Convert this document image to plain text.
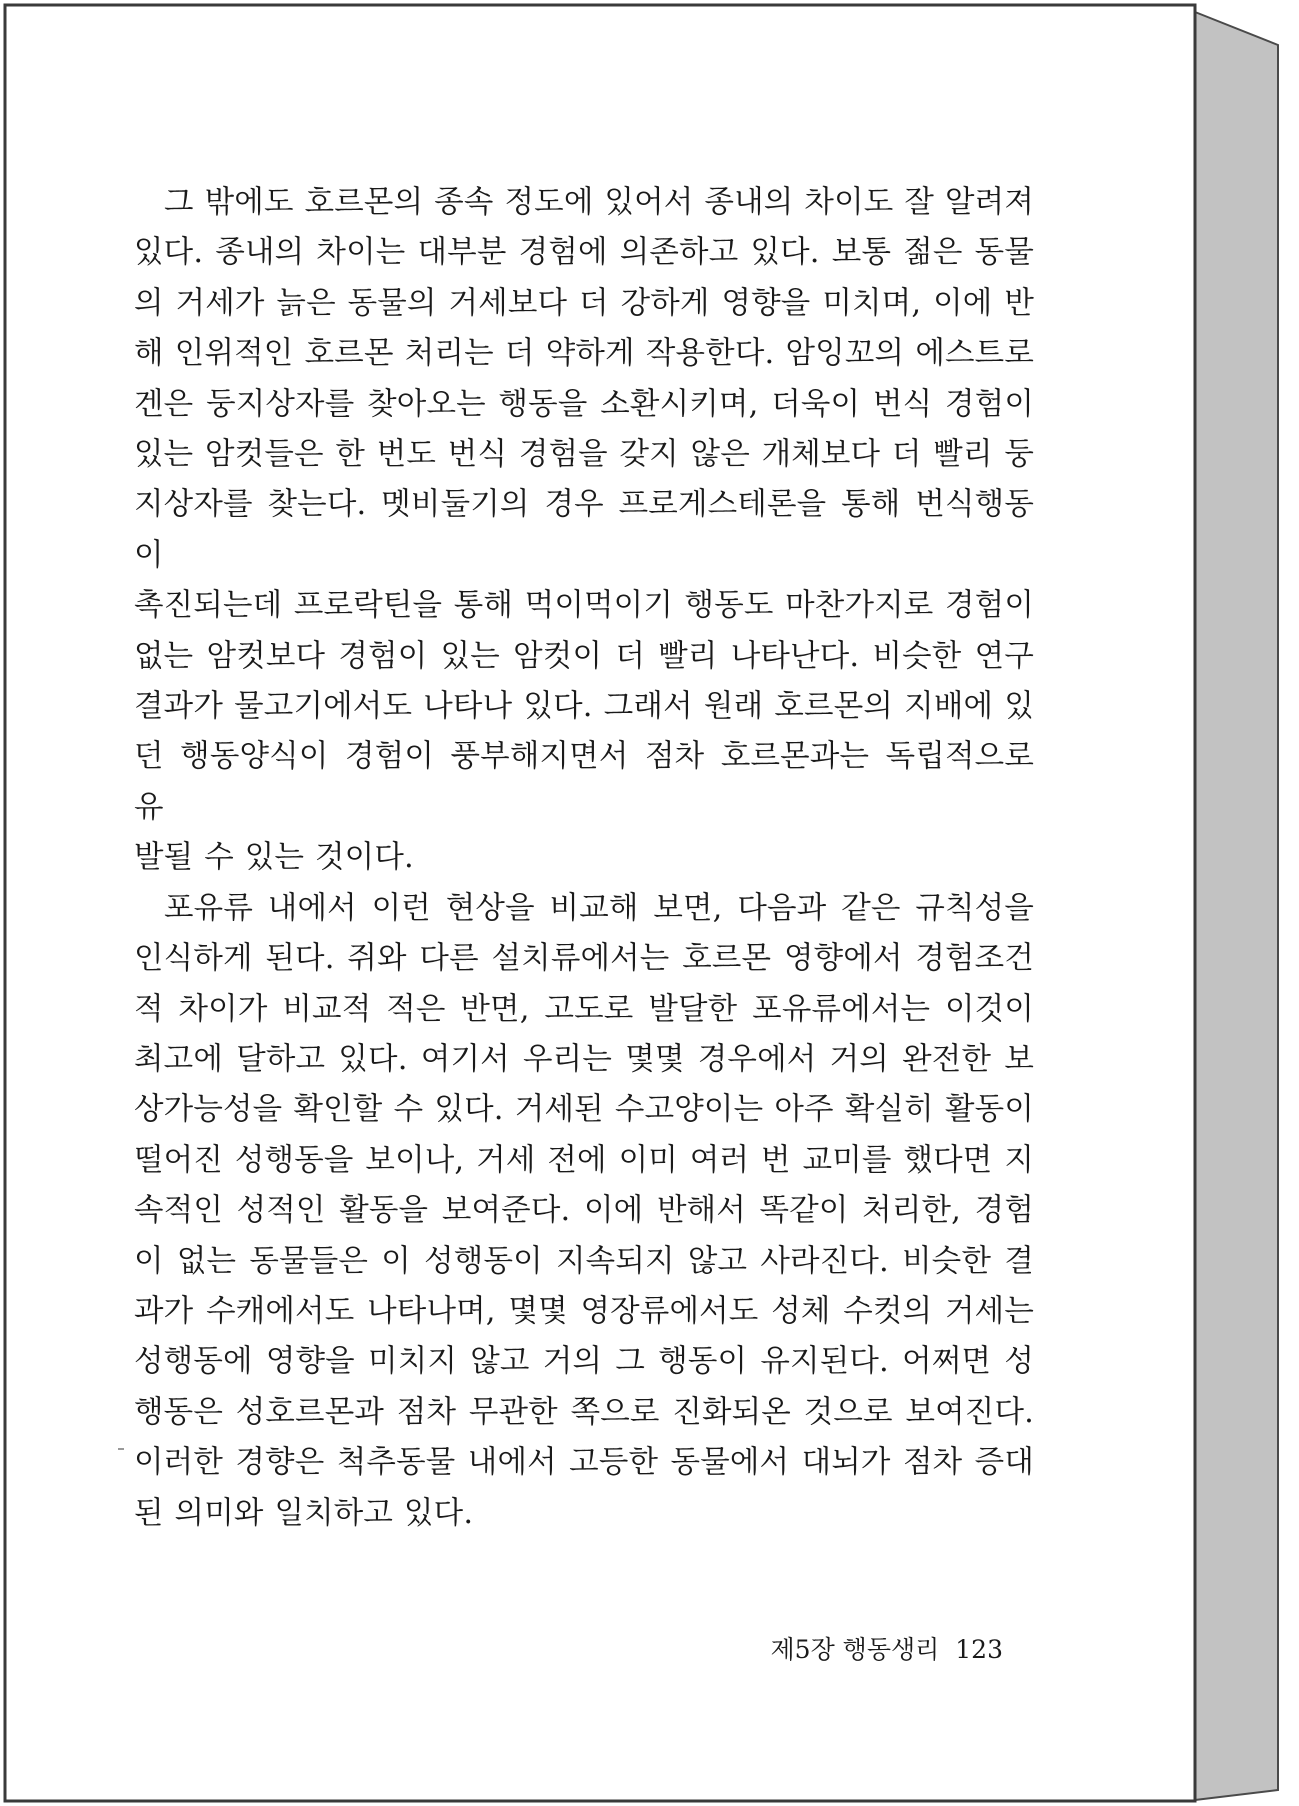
그 밖에도 호르몬의 종속 정도에 있어서 종내의 차이도 잘 알려져
있다. 종내의 차이는 대부분 경험에 의존하고 있다. 보통 젊은 동물
의 거세가 늙은 동물의 거세보다 더 강하게 영향을 미치며, 이에 반
해 인위적인 호르몬 처리는 더 약하게 작용한다. 암잉꼬의 에스트로
겐은 둥지상자를 찾아오는 행동을 소환시키며, 더욱이 번식 경험이
있는 암컷들은 한 번도 번식 경험을 갖지 않은 개체보다 더 빨리 둥
지상자를 찾는다. 멧비둘기의 경우 프로게스테론을 통해 번식행동이
촉진되는데 프로락틴을 통해 먹이먹이기 행동도 마찬가지로 경험이
없는 암컷보다 경험이 있는 암컷이 더 빨리 나타난다. 비슷한 연구
결과가 물고기에서도 나타나 있다. 그래서 원래 호르몬의 지배에 있
던 행동양식이 경험이 풍부해지면서 점차 호르몬과는 독립적으로 유
발될 수 있는 것이다.

포유류 내에서 이런 현상을 비교해 보면, 다음과 같은 규칙성을
인식하게 된다. 쥐와 다른 설치류에서는 호르몬 영향에서 경험조건
적 차이가 비교적 적은 반면, 고도로 발달한 포유류에서는 이것이
최고에 달하고 있다. 여기서 우리는 몇몇 경우에서 거의 완전한 보
상가능성을 확인할 수 있다. 거세된 수고양이는 아주 확실히 활동이
떨어진 성행동을 보이나, 거세 전에 이미 여러 번 교미를 했다면 지
속적인 성적인 활동을 보여준다. 이에 반해서 똑같이 처리한, 경험
이 없는 동물들은 이 성행동이 지속되지 않고 사라진다. 비슷한 결
과가 수캐에서도 나타나며, 몇몇 영장류에서도 성체 수컷의 거세는
성행동에 영향을 미치지 않고 거의 그 행동이 유지된다. 어쩌면 성
행동은 성호르몬과 점차 무관한 쪽으로 진화되온 것으로 보여진다.
이러한 경향은 척추동물 내에서 고등한 동물에서 대뇌가 점차 증대
된 의미와 일치하고 있다.

제5장 행동생리 123
